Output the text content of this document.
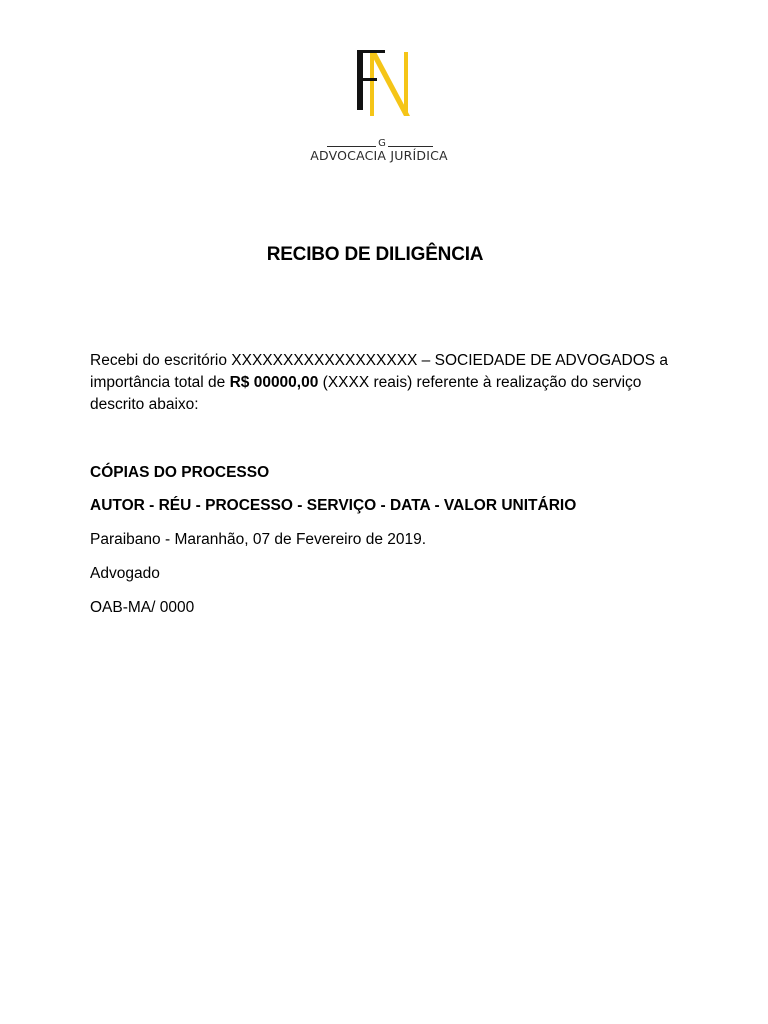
G
ADVOCACIA JURÍDICA
RECIBO DE DILIGÊNCIA
Recebi do escritório XXXXXXXXXXXXXXXXXX – SOCIEDADE DE ADVOGADOS a
importância total de R$ 00000,00 (XXXX reais) referente à realização do serviço
descrito abaixo:
CÓPIAS DO PROCESSO
AUTOR - RÉU - PROCESSO - SERVIÇO - DATA - VALOR UNITÁRIO
Paraibano - Maranhão, 07 de Fevereiro de 2019.
Advogado
OAB-MA/ 0000
